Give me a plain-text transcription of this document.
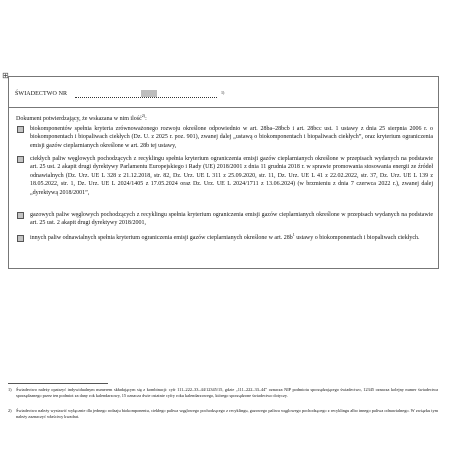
⊞
ŚWIADECTWO NR	1)
Dokument potwierdzający, że wskazana w nim ilość$^{2)}$:
biokomponentów spełnia kryteria zrównoważonego rozwoju określone odpowiednio w art. 28ba–28bcb i art. 28bcc ust. 1 ustawy z dnia 25 sierpnia 2006 r. o biokomponentach i biopaliwach ciekłych (Dz. U. z 2025 r. poz. 901), zwanej dalej „ustawą o biokomponentach i biopaliwach ciekłych”, oraz kryterium ograniczenia emisji gazów cieplarnianych określone w art. 28b tej ustawy,
ciekłych paliw węglowych pochodzących z recyklingu spełnia kryterium ograniczenia emisji gazów cieplarnianych określone w przepisach wydanych na podstawie art. 25 ust. 2 akapit drugi dyrektywy Parlamentu Europejskiego i Rady (UE) 2018/2001 z dnia 11 grudnia 2018 r. w sprawie promowania stosowania energii ze źródeł odnawialnych (Dz. Urz. UE L 328 z 21.12.2018, str. 82, Dz. Urz. UE L 311 z 25.09.2020, str. 11, Dz. Urz. UE L 41 z 22.02.2022, str. 37, Dz. Urz. UE L 139 z 18.05.2022, str. 1, Dz. Urz. UE L 2024/1405 z 17.05.2024 oraz Dz. Urz. UE L 2024/1711 z 13.06.2024) (w brzmieniu z dnia 7 czerwca 2022 r.), zwanej dalej „dyrektywą 2018/2001”,
gazowych paliw węglowych pochodzących z recyklingu spełnia kryterium ograniczenia emisji gazów cieplarnianych określone w przepisach wydanych na podstawie art. 25 ust. 2 akapit drugi dyrektywy 2018/2001,
innych paliw odnawialnych spełnia kryterium ograniczenia emisji gazów cieplarnianych określone w art. $28b^1$ ustawy o biokomponentach i biopaliwach ciekłych.
1) Świadectwo należy opatrzyć indywidualnym numerem składającym się z kombinacji: cyfr 111–222–33–44/12345/15, gdzie „111–222–33–44” oznacza NIP podmiotu sporządzającego świadectwo, 12345 oznacza kolejny numer świadectwa sporządzanego przez ten podmiot za dany rok kalendarzowy, 15 oznacza dwie ostatnie cyfry roku kalendarzowego, którego sporządzone świadectwo dotyczy.
2) Świadectwo należy wystawić wyłącznie dla jednego rodzaju biokomponentu, ciekłego paliwa węglowego pochodzącego z recyklingu, gazowego paliwa węglowego pochodzącego z recyklingu albo innego paliwa odnawialnego. W związku tym należy zaznaczyć właściwy kwadrat.
